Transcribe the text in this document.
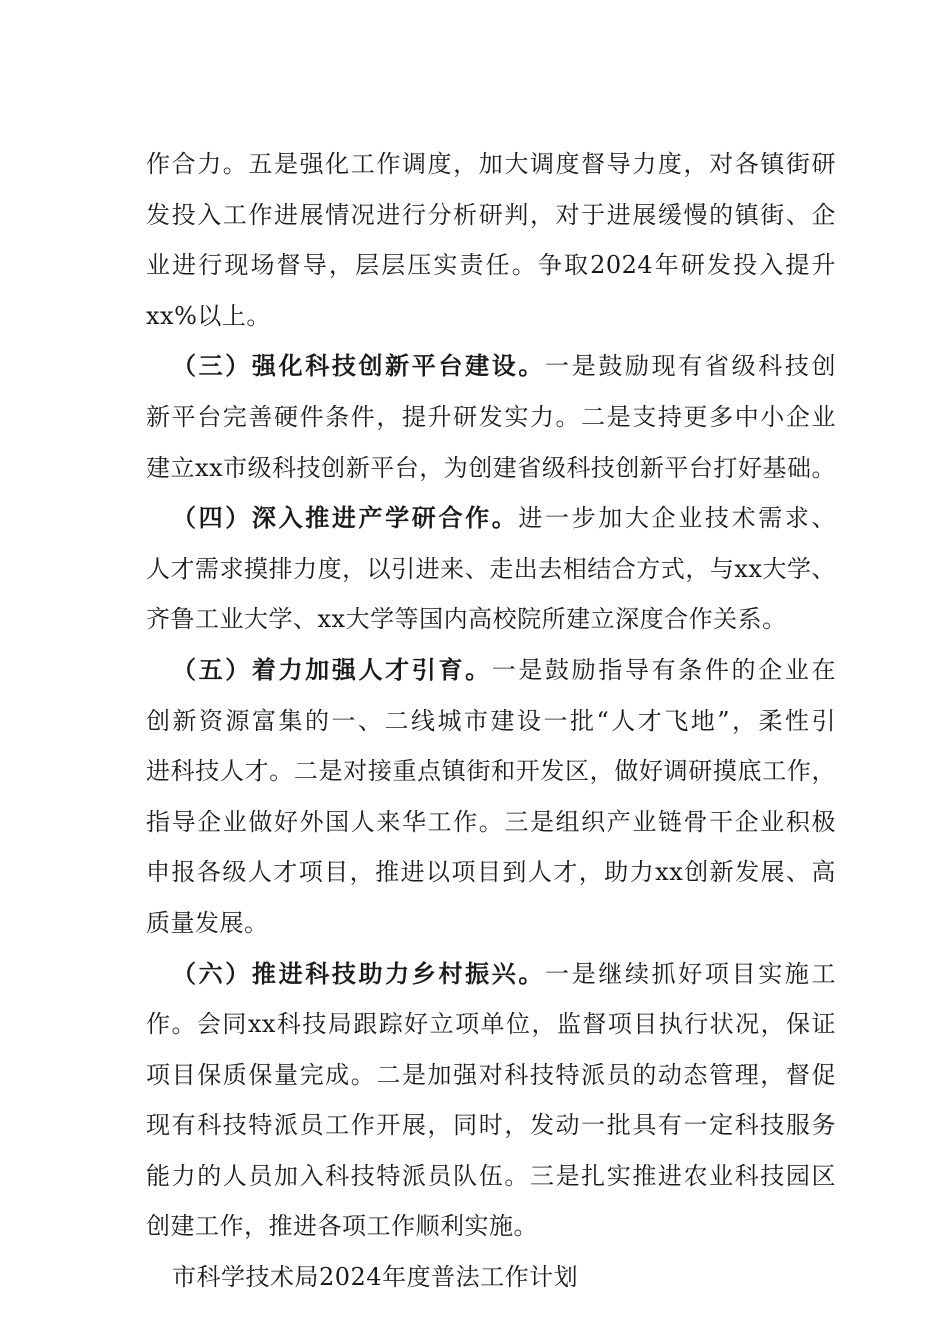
作合力。五是强化工作调度，加大调度督导力度，对各镇街研
发投入工作进展情况进行分析研判，对于进展缓慢的镇街、企
业进行现场督导，层层压实责任。争取2024年研发投入提升
xx%以上。
（三）强化科技创新平台建设。一是鼓励现有省级科技创
新平台完善硬件条件，提升研发实力。二是支持更多中小企业
建立xx市级科技创新平台，为创建省级科技创新平台打好基础。
（四）深入推进产学研合作。进一步加大企业技术需求、
人才需求摸排力度，以引进来、走出去相结合方式，与xx大学、
齐鲁工业大学、xx大学等国内高校院所建立深度合作关系。
（五）着力加强人才引育。一是鼓励指导有条件的企业在
创新资源富集的一、二线城市建设一批“人才飞地”，柔性引
进科技人才。二是对接重点镇街和开发区，做好调研摸底工作，
指导企业做好外国人来华工作。三是组织产业链骨干企业积极
申报各级人才项目，推进以项目到人才，助力xx创新发展、高
质量发展。
（六）推进科技助力乡村振兴。一是继续抓好项目实施工
作。会同xx科技局跟踪好立项单位，监督项目执行状况，保证
项目保质保量完成。二是加强对科技特派员的动态管理，督促
现有科技特派员工作开展，同时，发动一批具有一定科技服务
能力的人员加入科技特派员队伍。三是扎实推进农业科技园区
创建工作，推进各项工作顺利实施。
市科学技术局2024年度普法工作计划
